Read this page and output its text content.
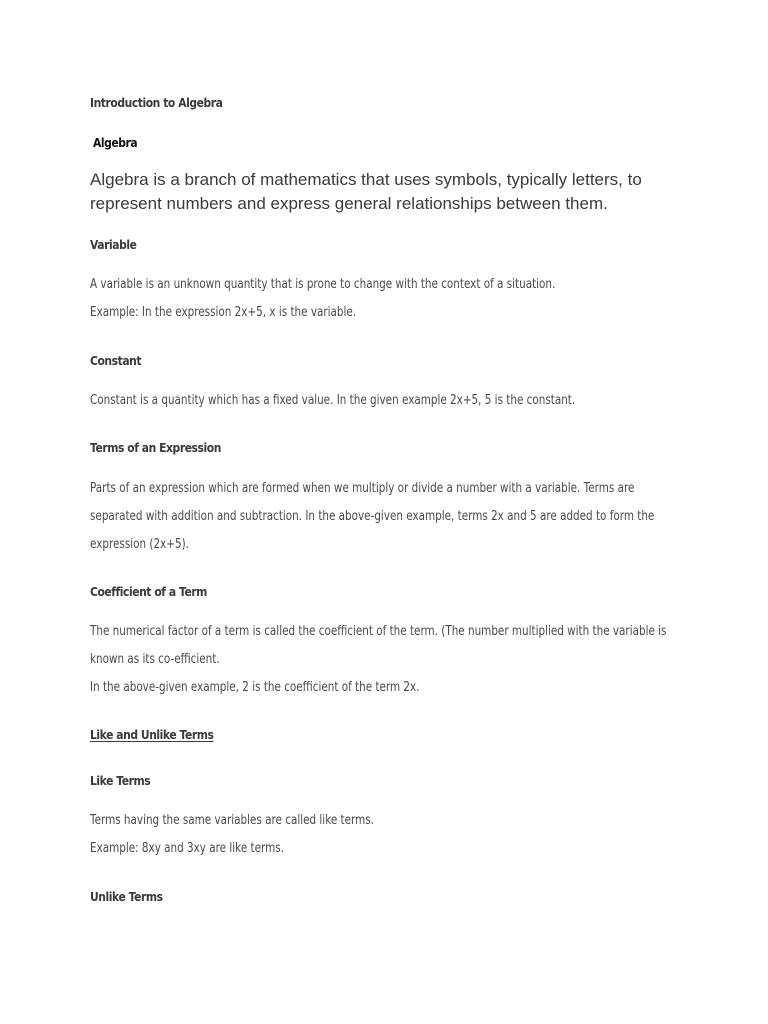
Introduction to Algebra
Algebra
Algebra is a branch of mathematics that uses symbols, typically letters, to represent numbers and express general relationships between them.
Variable

A variable is an unknown quantity that is prone to change with the context of a situation.

Example: In the expression 2x+5, x is the variable.

Constant

Constant is a quantity which has a fixed value. In the given example 2x+5, 5 is the constant.

Terms of an Expression

Parts of an expression which are formed when we multiply or divide a number with a variable. Terms are separated with addition and subtraction. In the above-given example, terms 2x and 5 are added to form the expression (2x+5).

Coefficient of a Term

The numerical factor of a term is called the coefficient of the term. (The number multiplied with the variable is known as its co-efficient.

In the above-given example, 2 is the coefficient of the term 2x.

Like and Unlike Terms
Like Terms

Terms having the same variables are called like terms.

Example: 8xy and 3xy are like terms.

Unlike Terms
